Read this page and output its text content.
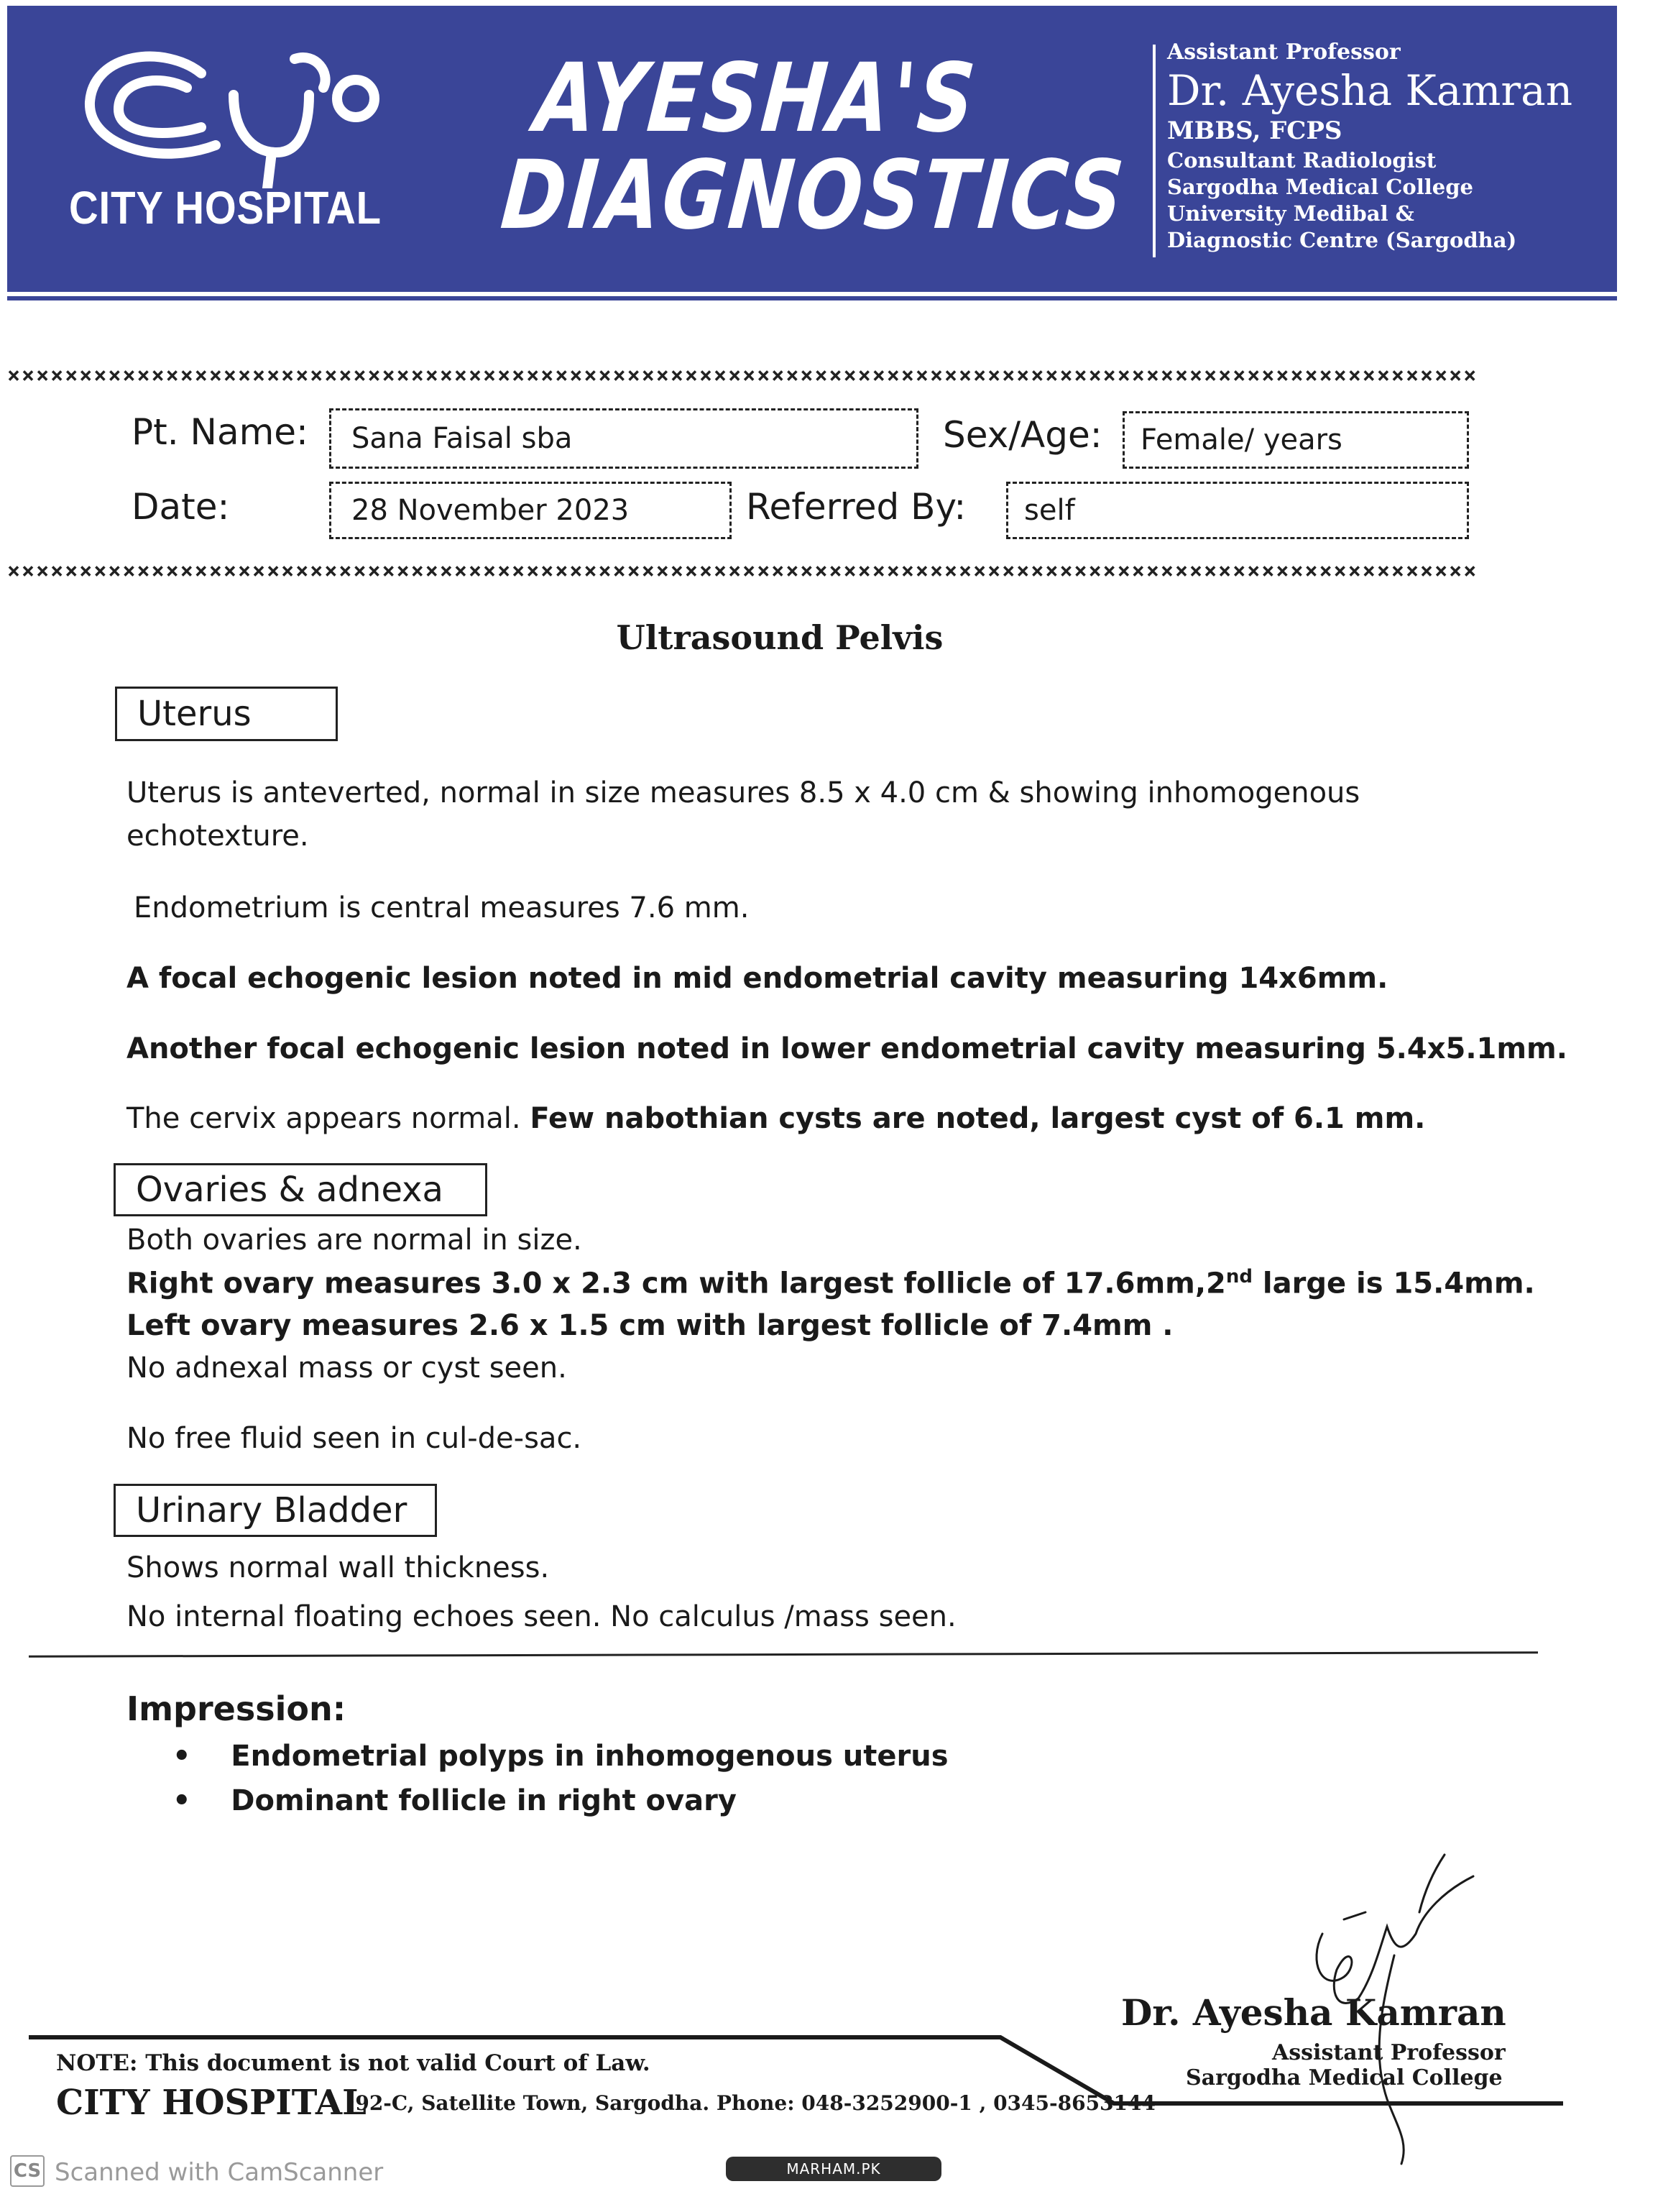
CITY HOSPITAL
AYESHA'S
DIAGNOSTICS
Assistant Professor
Dr. Ayesha Kamran
MBBS, FCPS
Consultant Radiologist
Sargodha Medical College
University Medibal &
Diagnostic Centre (Sargodha)
××××××××××××××××××××××××××××××××××××××××××××××××××××××××××××××××××××××××××××××××××××××××××××××××××××××
Pt. Name: Sana Faisal sba	Sex/Age: Female/ years
Date:	28 November 2023	Referred By: self
××××××××××××××××××××××××××××××××××××××××××××××××××××××××××××××××××××××××××××××××××××××××××××××××××××××
Ultrasound Pelvis
Uterus
Uterus is anteverted, normal in size measures 8.5 x 4.0 cm & showing inhomogenous
echotexture.
Endometrium is central measures 7.6 mm.
A focal echogenic lesion noted in mid endometrial cavity measuring 14x6mm.
Another focal echogenic lesion noted in lower endometrial cavity measuring 5.4x5.1mm.
The cervix appears normal. Few nabothian cysts are noted, largest cyst of 6.1 mm.
Ovaries & adnexa
Both ovaries are normal in size.
Right ovary measures 3.0 x 2.3 cm with largest follicle of 17.6mm,2nd large is 15.4mm.
Left ovary measures 2.6 x 1.5 cm with largest follicle of 7.4mm .
No adnexal mass or cyst seen.
No free fluid seen in cul-de-sac.
Urinary Bladder
Shows normal wall thickness.
No internal floating echoes seen. No calculus /mass seen.
Impression:
•    Endometrial polyps in inhomogenous uterus
•    Dominant follicle in right ovary
Dr. Ayesha Kamran
Assistant Professor
Sargodha Medical College
NOTE: This document is not valid Court of Law.
CITY HOSPITAL
:92-C, Satellite Town, Sargodha. Phone: 048-3252900-1 , 0345-8653144
CS Scanned with CamScanner	MARHAM.PK
